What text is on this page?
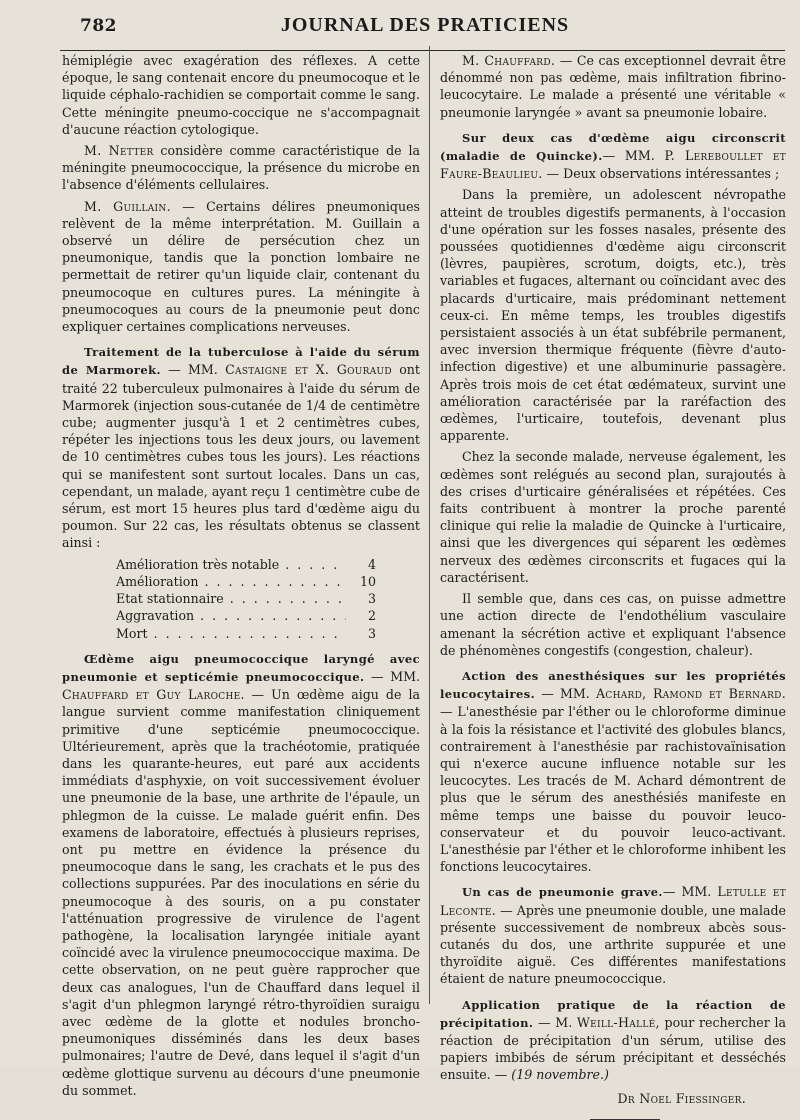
782	JOURNAL DES PRATICIENS

hémiplégie avec exagération des réflexes. A cette époque, le sang contenait encore du pneumocoque et le liquide céphalo-rachidien se comportait comme le sang. Cette méningite pneumo-coccique ne s'accompagnait d'aucune réaction cytologique.

M. Netter considère comme caractéristique de la méningite pneumococcique, la présence du microbe en l'absence d'éléments cellulaires.

M. Guillain. — Certains délires pneumoniques relèvent de la même interprétation. M. Guillain a observé un délire de persécution chez un pneumonique, tandis que la ponction lombaire ne permettait de retirer qu'un liquide clair, contenant du pneumocoque en cultures pures. La méningite à pneumocoques au cours de la pneumonie peut donc expliquer certaines complications nerveuses.

Traitement de la tuberculose à l'aide du sérum de Marmorek. — MM. Castaigne et X. Gouraud ont traité 22 tuberculeux pulmonaires à l'aide du sérum de Marmorek (injection sous-cutanée de 1/4 de centimètre cube; augmenter jusqu'à 1 et 2 centimètres cubes, répéter les injections tous les deux jours, ou lavement de 10 centimètres cubes tous les jours). Les réactions qui se manifestent sont surtout locales. Dans un cas, cependant, un malade, ayant reçu 1 centimètre cube de sérum, est mort 15 heures plus tard d'œdème aigu du poumon. Sur 22 cas, les résultats obtenus se classent ainsi :

Amélioration très notable . . .	4
Amélioration . . .	10
Etat stationnaire . . .	3
Aggravation . . .	2
Mort . . .	3

Œdème aigu pneumococcique laryngé avec pneumonie et septicémie pneumococcique. — MM. Chauffard et Guy Laroche. — Un œdème aigu de la langue survient comme manifestation cliniquement primitive d'une septicémie pneumococcique. Ultérieurement, après que la trachéotomie, pratiquée dans les quarante-heures, eut paré aux accidents immédiats d'asphyxie, on voit successivement évoluer une pneumonie de la base, une arthrite de l'épaule, un phlegmon de la cuisse. Le malade guérit enfin. Des examens de laboratoire, effectués à plusieurs reprises, ont pu mettre en évidence la présence du pneumocoque dans le sang, les crachats et le pus des collections suppurées. Par des inoculations en série du pneumocoque à des souris, on a pu constater l'atténuation progressive de virulence de l'agent pathogène, la localisation laryngée initiale ayant coïncidé avec la virulence pneumococcique maxima. De cette observation, on ne peut guère rapprocher que deux cas analogues, l'un de Chauffard dans lequel il s'agit d'un phlegmon laryngé rétro-thyroïdien suraigu avec œdème de la glotte et nodules broncho-pneumoniques disséminés dans les deux bases pulmonaires; l'autre de Devé, dans lequel il s'agit d'un œdème glottique survenu au décours d'une pneumonie du sommet.

M. Chauffard. — Ce cas exceptionnel devrait être dénommé non pas œdème, mais infiltration fibrino-leucocytaire. Le malade a présenté une véritable « pneumonie laryngée » avant sa pneumonie lobaire.

Sur deux cas d'œdème aigu circonscrit (maladie de Quincke).— MM. P. Lereboullet et Faure-Beaulieu. — Deux observations intéressantes ;

Dans la première, un adolescent névropathe atteint de troubles digestifs permanents, à l'occasion d'une opération sur les fosses nasales, présente des poussées quotidiennes d'œdème aigu circonscrit (lèvres, paupières, scrotum, doigts, etc.), très variables et fugaces, alternant ou coïncidant avec des placards d'urticaire, mais prédominant nettement ceux-ci. En même temps, les troubles digestifs persistaient associés à un état subfébrile permanent, avec inversion thermique fréquente (fièvre d'auto-infection digestive) et une albuminurie passagère. Après trois mois de cet état œdémateux, survint une amélioration caractérisée par la raréfaction des œdèmes, l'urticaire, toutefois, devenant plus apparente.

Chez la seconde malade, nerveuse également, les œdèmes sont relégués au second plan, surajoutés à des crises d'urticaire généralisées et répétées. Ces faits contribuent à montrer la proche parenté clinique qui relie la maladie de Quincke à l'urticaire, ainsi que les divergences qui séparent les œdèmes nerveux des œdèmes circonscrits et fugaces qui la caractérisent.

Il semble que, dans ces cas, on puisse admettre une action directe de l'endothélium vasculaire amenant la sécrétion active et expliquant l'absence de phénomènes congestifs (congestion, chaleur).

Action des anesthésiques sur les propriétés leucocytaires. — MM. Achard, Ramond et Bernard. — L'anesthésie par l'éther ou le chloroforme diminue à la fois la résistance et l'activité des globules blancs, contrairement à l'anesthésie par rachistovaïnisation qui n'exerce aucune influence notable sur les leucocytes. Les tracés de M. Achard démontrent de plus que le sérum des anesthésiés manifeste en même temps une baisse du pouvoir leuco-conservateur et du pouvoir leuco-activant. L'anesthésie par l'éther et le chloroforme inhibent les fonctions leucocytaires.

Un cas de pneumonie grave.— MM. Letulle et Leconte. — Après une pneumonie double, une malade présente successivement de nombreux abcès sous-cutanés du dos, une arthrite suppurée et une thyroïdite aiguë. Ces différentes manifestations étaient de nature pneumococcique.

Application pratique de la réaction de précipitation. — M. Weill-Hallé, pour rechercher la réaction de précipitation d'un sérum, utilise des papiers imbibés de sérum précipitant et desséchés ensuite. — (19 novembre.)

Dr Noel Fiessinger.
